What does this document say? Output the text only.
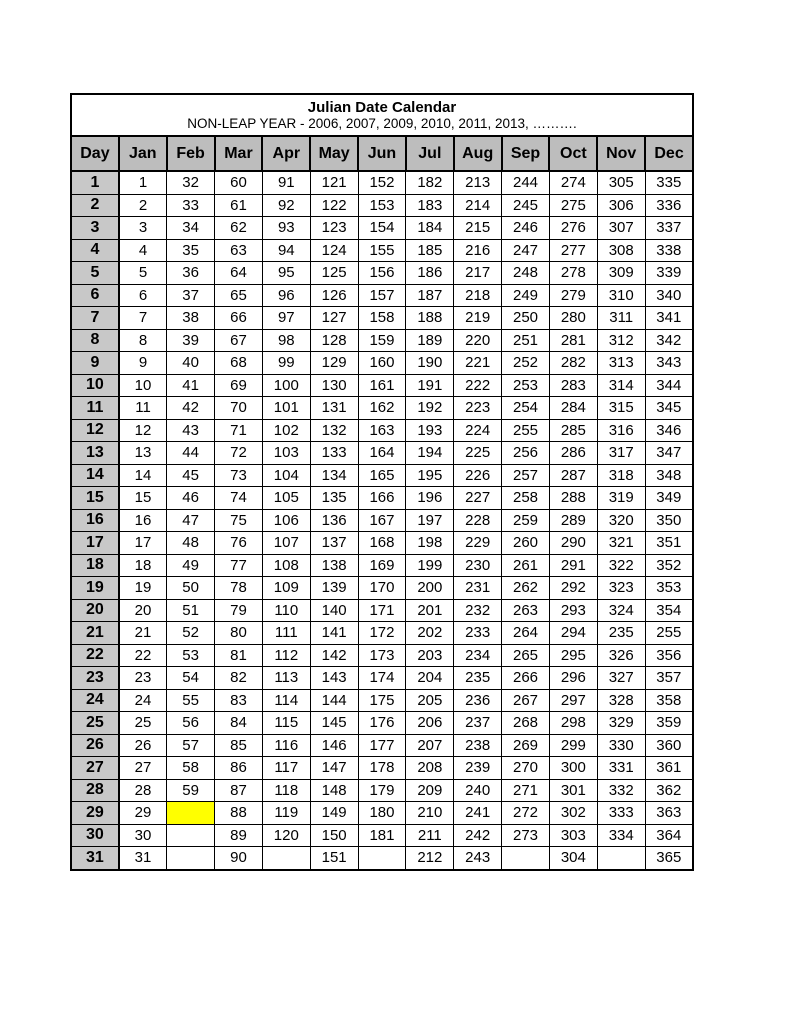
Julian Date Calendar
NON-LEAP YEAR - 2006, 2007, 2009, 2010, 2011, 2013, ……….
Day	Jan	Feb	Mar	Apr	May	Jun	Jul	Aug	Sep	Oct	Nov	Dec
1	1	32	60	91	121	152	182	213	244	274	305	335
2	2	33	61	92	122	153	183	214	245	275	306	336
3	3	34	62	93	123	154	184	215	246	276	307	337
4	4	35	63	94	124	155	185	216	247	277	308	338
5	5	36	64	95	125	156	186	217	248	278	309	339
6	6	37	65	96	126	157	187	218	249	279	310	340
7	7	38	66	97	127	158	188	219	250	280	311	341
8	8	39	67	98	128	159	189	220	251	281	312	342
9	9	40	68	99	129	160	190	221	252	282	313	343
10	10	41	69	100	130	161	191	222	253	283	314	344
11	11	42	70	101	131	162	192	223	254	284	315	345
12	12	43	71	102	132	163	193	224	255	285	316	346
13	13	44	72	103	133	164	194	225	256	286	317	347
14	14	45	73	104	134	165	195	226	257	287	318	348
15	15	46	74	105	135	166	196	227	258	288	319	349
16	16	47	75	106	136	167	197	228	259	289	320	350
17	17	48	76	107	137	168	198	229	260	290	321	351
18	18	49	77	108	138	169	199	230	261	291	322	352
19	19	50	78	109	139	170	200	231	262	292	323	353
20	20	51	79	110	140	171	201	232	263	293	324	354
21	21	52	80	111	141	172	202	233	264	294	235	255
22	22	53	81	112	142	173	203	234	265	295	326	356
23	23	54	82	113	143	174	204	235	266	296	327	357
24	24	55	83	114	144	175	205	236	267	297	328	358
25	25	56	84	115	145	176	206	237	268	298	329	359
26	26	57	85	116	146	177	207	238	269	299	330	360
27	27	58	86	117	147	178	208	239	270	300	331	361
28	28	59	87	118	148	179	209	240	271	301	332	362
29	29		88	119	149	180	210	241	272	302	333	363
30	30		89	120	150	181	211	242	273	303	334	364
31	31		90		151		212	243		304		365
